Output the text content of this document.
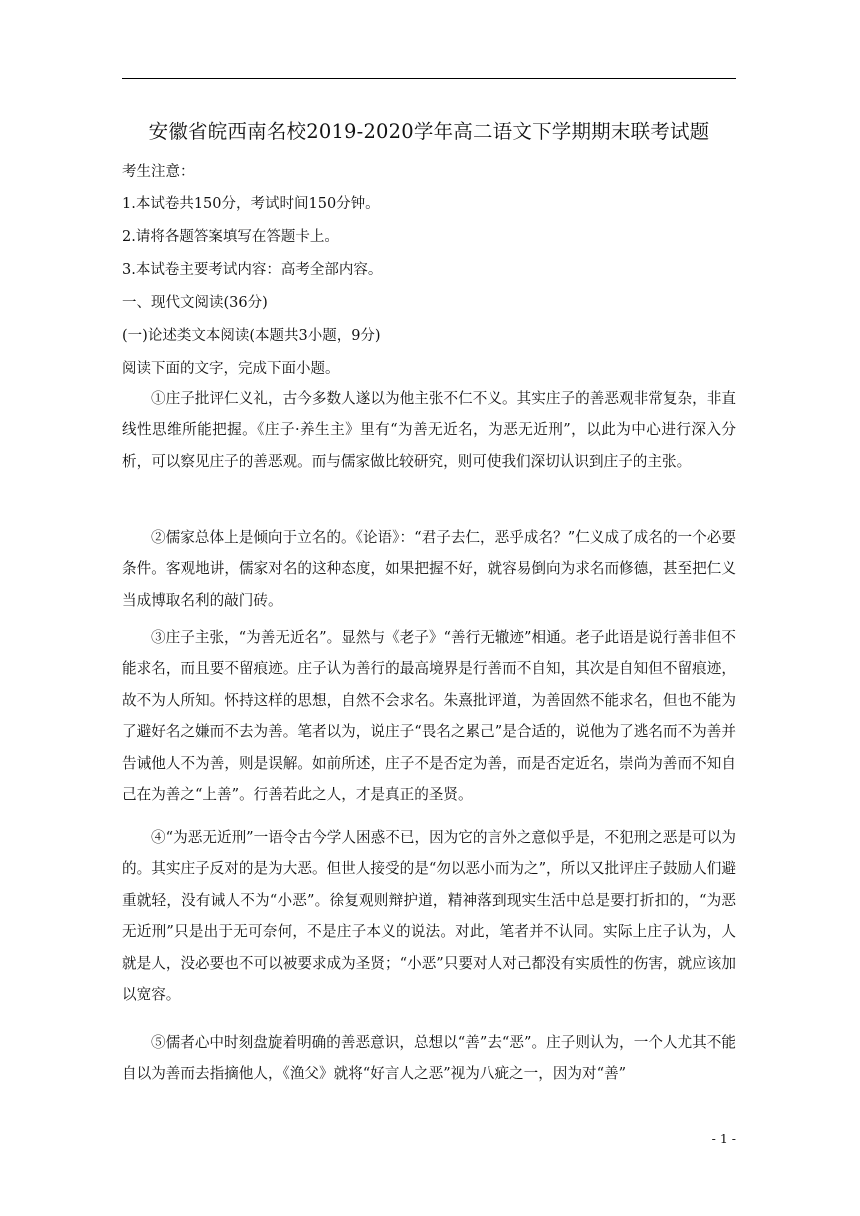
安徽省皖西南名校2019-2020学年高二语文下学期期末联考试题
考生注意：
1.本试卷共150分，考试时间150分钟。
2.请将各题答案填写在答题卡上。
3.本试卷主要考试内容：高考全部内容。
一、现代文阅读(36分)
(一)论述类文本阅读(本题共3小题，9分)
阅读下面的文字，完成下面小题。

①庄子批评仁义礼，古今多数人遂以为他主张不仁不义。其实庄子的善恶观非常复杂，非直线性思维所能把握。《庄子·养生主》里有“为善无近名，为恶无近刑”，以此为中心进行深入分析，可以察见庄子的善恶观。而与儒家做比较研究，则可使我们深切认识到庄子的主张。

②儒家总体上是倾向于立名的。《论语》：“君子去仁，恶乎成名？”仁义成了成名的一个必要条件。客观地讲，儒家对名的这种态度，如果把握不好，就容易倒向为求名而修德，甚至把仁义当成博取名利的敲门砖。

③庄子主张，“为善无近名”。显然与《老子》“善行无辙迹”相通。老子此语是说行善非但不能求名，而且要不留痕迹。庄子认为善行的最高境界是行善而不自知，其次是自知但不留痕迹，故不为人所知。怀持这样的思想，自然不会求名。朱熹批评道，为善固然不能求名，但也不能为了避好名之嫌而不去为善。笔者以为，说庄子“畏名之累己”是合适的，说他为了逃名而不为善并告诫他人不为善，则是误解。如前所述，庄子不是否定为善，而是否定近名，崇尚为善而不知自己在为善之“上善”。行善若此之人，才是真正的圣贤。

④“为恶无近刑”一语令古今学人困惑不已，因为它的言外之意似乎是，不犯刑之恶是可以为的。其实庄子反对的是为大恶。但世人接受的是“勿以恶小而为之”，所以又批评庄子鼓励人们避重就轻，没有诫人不为“小恶”。徐复观则辩护道，精神落到现实生活中总是要打折扣的，“为恶无近刑”只是出于无可奈何，不是庄子本义的说法。对此，笔者并不认同。实际上庄子认为，人就是人，没必要也不可以被要求成为圣贤；“小恶”只要对人对己都没有实质性的伤害，就应该加以宽容。

⑤儒者心中时刻盘旋着明确的善恶意识，总想以“善”去“恶”。庄子则认为，一个人尤其不能自以为善而去指摘他人，《渔父》就将“好言人之恶”视为八疵之一，因为对“善”

- 1 -
